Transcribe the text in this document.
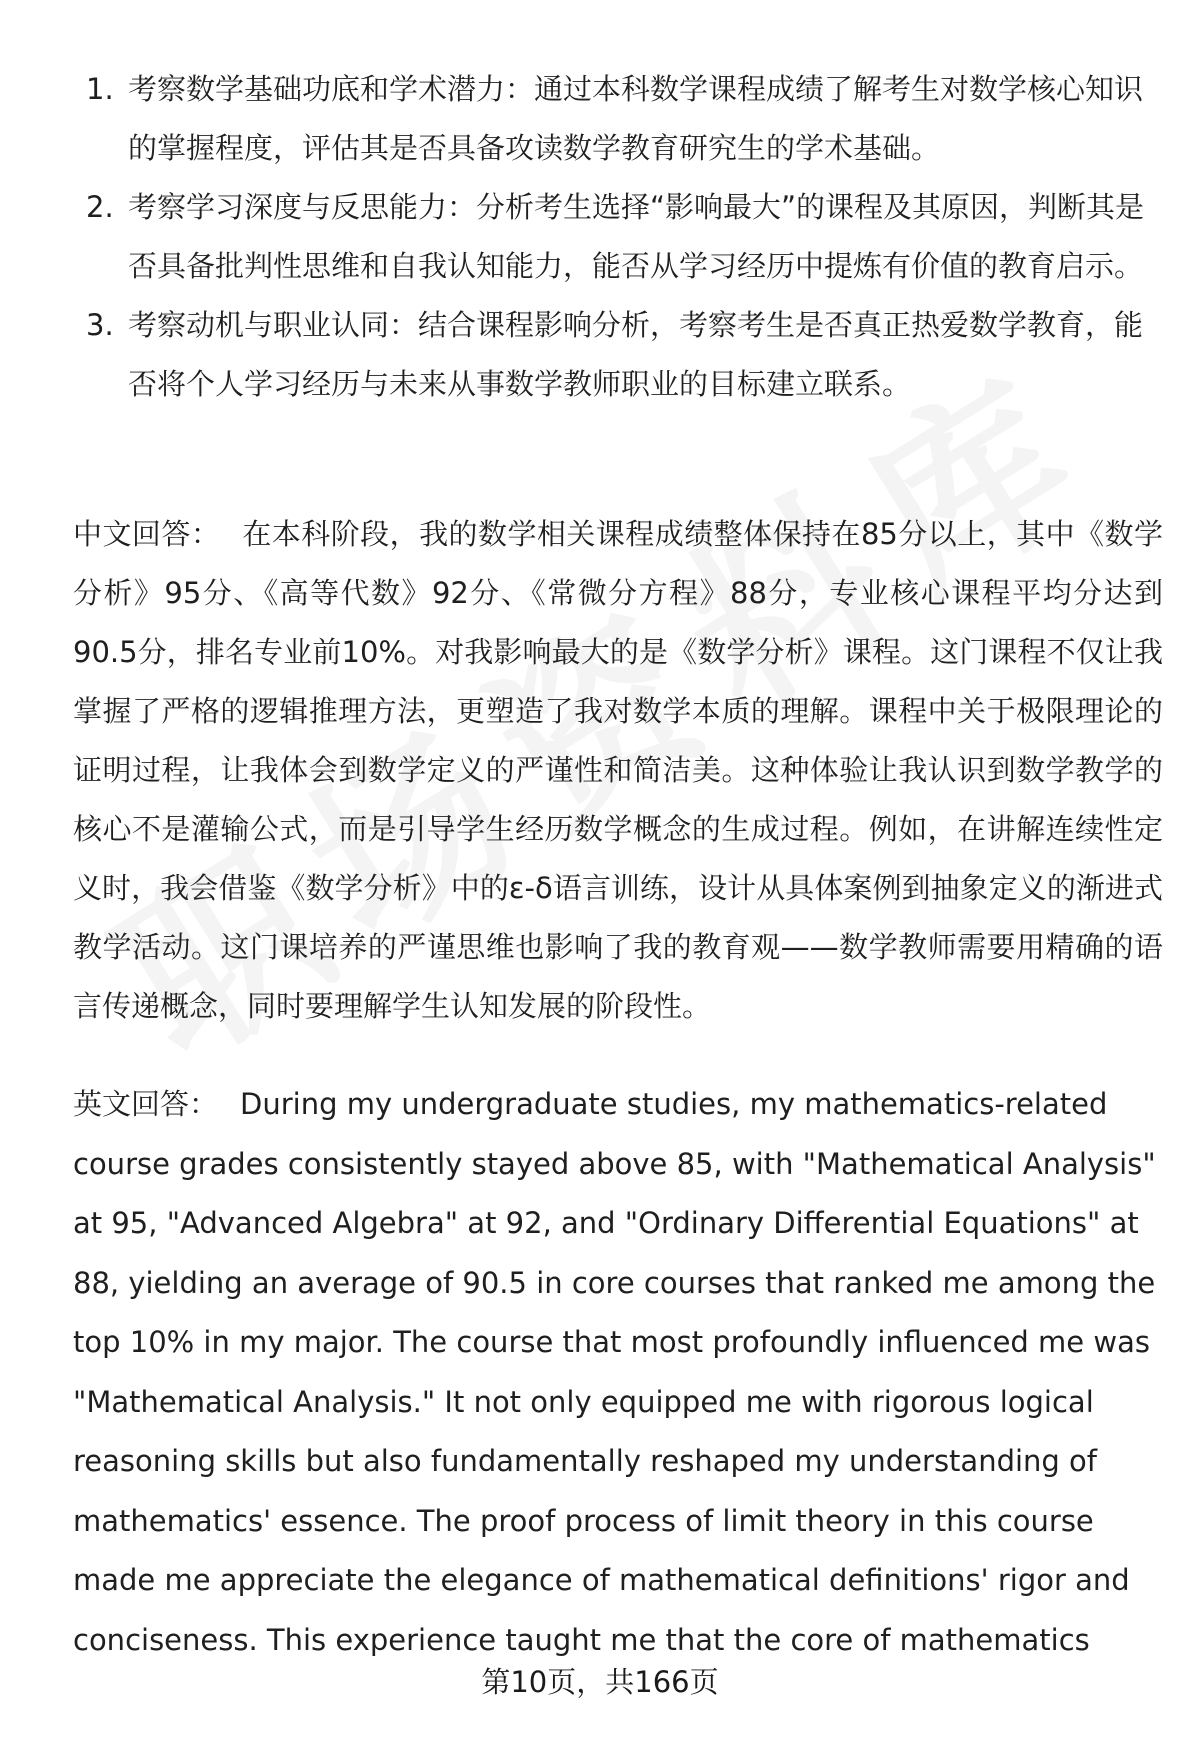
1. 考察数学基础功底和学术潜力：通过本科数学课程成绩了解考生对数学核心知识的掌握程度，评估其是否具备攻读数学教育研究生的学术基础。
2. 考察学习深度与反思能力：分析考生选择“影响最大”的课程及其原因，判断其是否具备批判性思维和自我认知能力，能否从学习经历中提炼有价值的教育启示。
3. 考察动机与职业认同：结合课程影响分析，考察考生是否真正热爱数学教育，能否将个人学习经历与未来从事数学教师职业的目标建立联系。

中文回答： 在本科阶段，我的数学相关课程成绩整体保持在85分以上，其中《数学分析》95分、《高等代数》92分、《常微分方程》88分，专业核心课程平均分达到90.5分，排名专业前10%。对我影响最大的是《数学分析》课程。这门课程不仅让我掌握了严格的逻辑推理方法，更塑造了我对数学本质的理解。课程中关于极限理论的证明过程，让我体会到数学定义的严谨性和简洁美。这种体验让我认识到数学教学的核心不是灌输公式，而是引导学生经历数学概念的生成过程。例如，在讲解连续性定义时，我会借鉴《数学分析》中的ε-δ语言训练，设计从具体案例到抽象定义的渐进式教学活动。这门课培养的严谨思维也影响了我的教育观——数学教师需要用精确的语言传递概念，同时要理解学生认知发展的阶段性。

英文回答： During my undergraduate studies, my mathematics-related course grades consistently stayed above 85, with "Mathematical Analysis" at 95, "Advanced Algebra" at 92, and "Ordinary Differential Equations" at 88, yielding an average of 90.5 in core courses that ranked me among the top 10% in my major. The course that most profoundly influenced me was "Mathematical Analysis." It not only equipped me with rigorous logical reasoning skills but also fundamentally reshaped my understanding of mathematics' essence. The proof process of limit theory in this course made me appreciate the elegance of mathematical definitions' rigor and conciseness. This experience taught me that the core of mathematics

第10页，共166页
